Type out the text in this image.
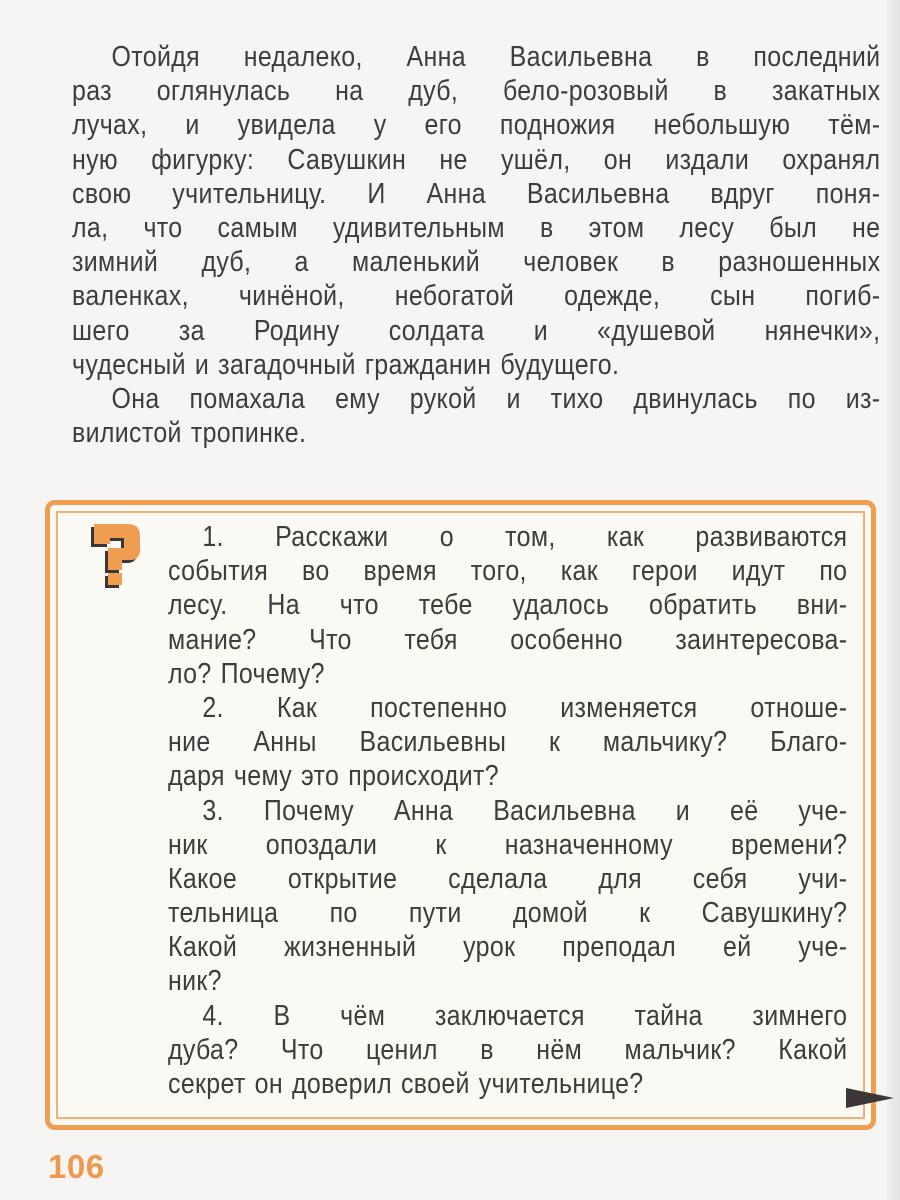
Отойдя недалеко, Анна Васильевна в последний
раз оглянулась на дуб, бело-розовый в закатных
лучах, и увидела у его подножия небольшую тём-
ную фигурку: Савушкин не ушёл, он издали охранял
свою учительницу. И Анна Васильевна вдруг поня-
ла, что самым удивительным в этом лесу был не
зимний дуб, а маленький человек в разношенных
валенках, чинёной, небогатой одежде, сын погиб-
шего за Родину солдата и «душевой нянечки»,
чудесный и загадочный гражданин будущего.
Она помахала ему рукой и тихо двинулась по из-
вилистой тропинке.
1. Расскажи о том, как развиваются
события во время того, как герои идут по
лесу. На что тебе удалось обратить вни-
мание? Что тебя особенно заинтересова-
ло? Почему?
2. Как постепенно изменяется отноше-
ние Анны Васильевны к мальчику? Благо-
даря чему это происходит?
3. Почему Анна Васильевна и её уче-
ник опоздали к назначенному времени?
Какое открытие сделала для себя учи-
тельница по пути домой к Савушкину?
Какой жизненный урок преподал ей уче-
ник?
4. В чём заключается тайна зимнего
дуба? Что ценил в нём мальчик? Какой
секрет он доверил своей учительнице?
106
